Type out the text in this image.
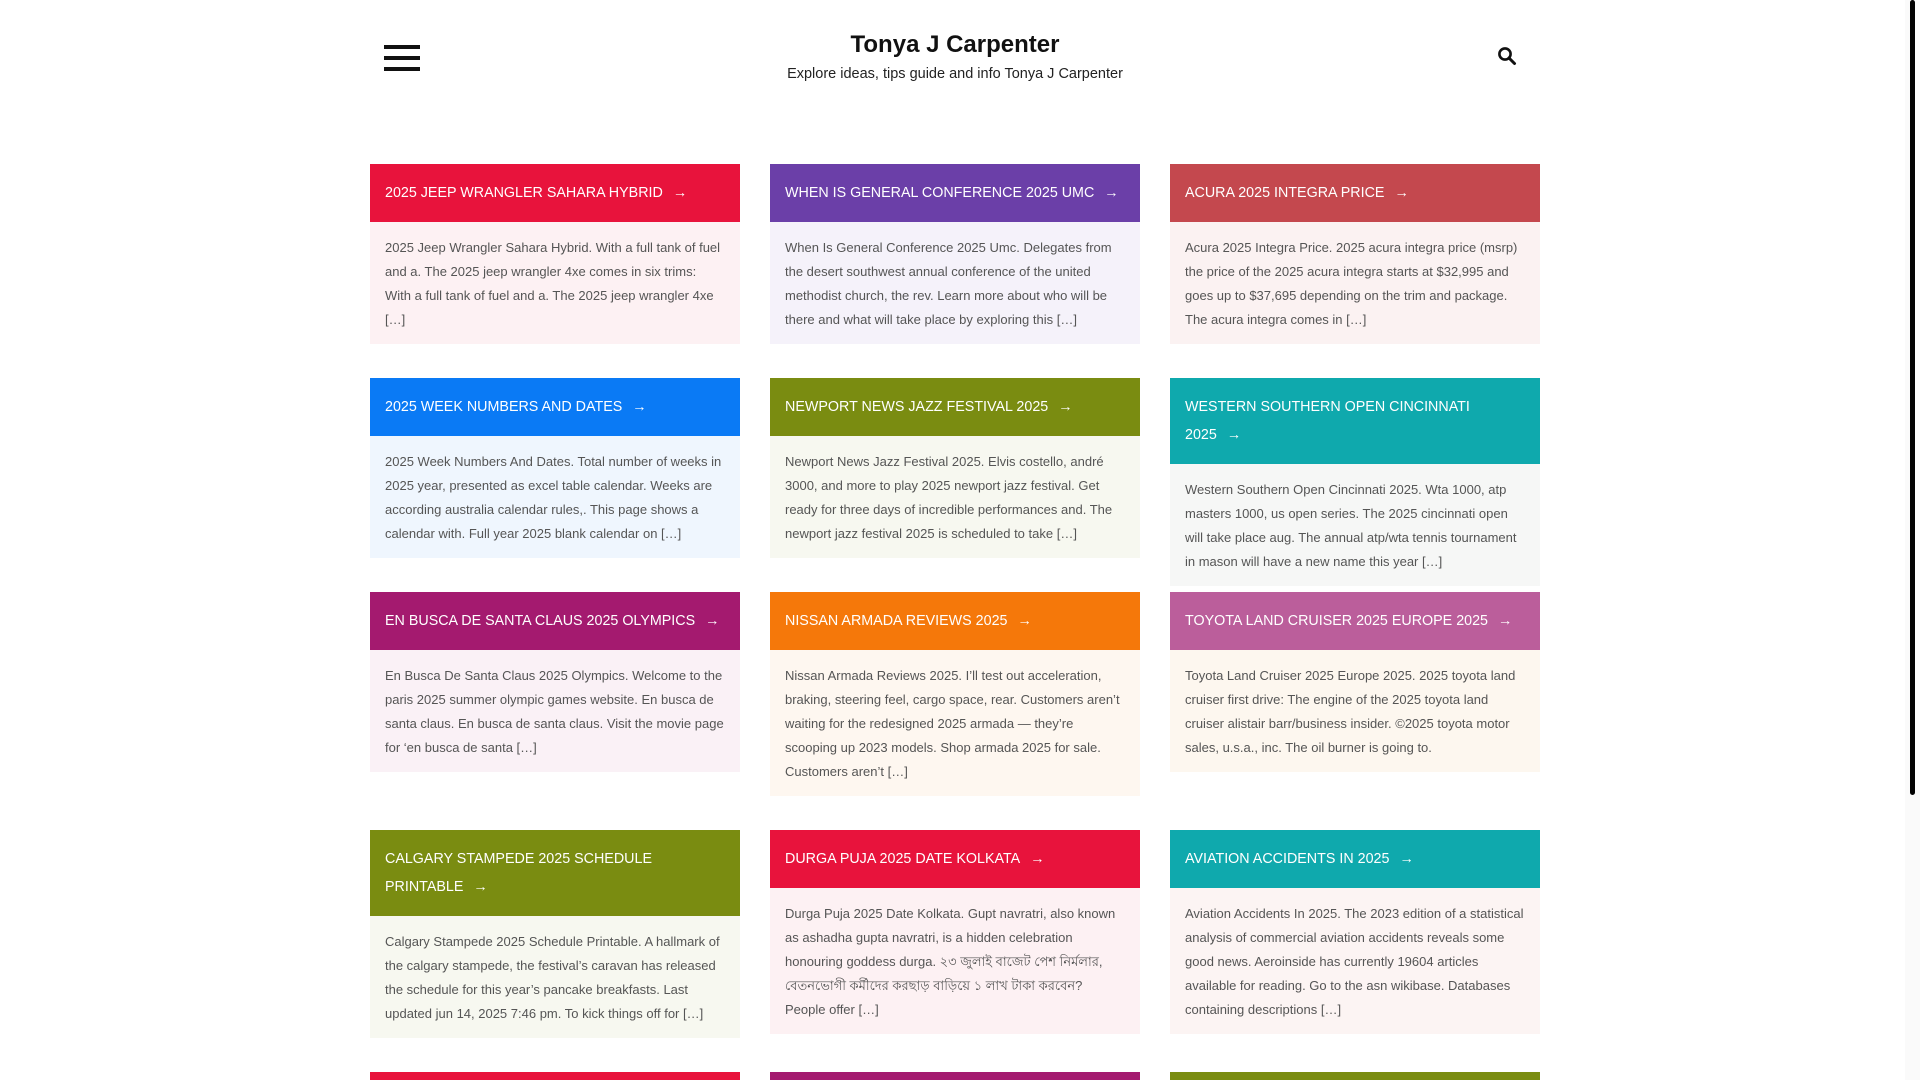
Tonya J Carpenter
Explore ideas, tips guide and info Tonya J Carpenter
2025 JEEP WRANGLER SAHARA HYBRID →
2025 Jeep Wrangler Sahara Hybrid. With a full tank of fuel and a. The 2025 jeep wrangler 4xe comes in six trims: With a full tank of fuel and a. The 2025 jeep wrangler 4xe […]
WHEN IS GENERAL CONFERENCE 2025 UMC →
When Is General Conference 2025 Umc. Delegates from the desert southwest annual conference of the united methodist church, the rev. Learn more about who will be there and what will take place by exploring this […]
ACURA 2025 INTEGRA PRICE →
Acura 2025 Integra Price. 2025 acura integra price (msrp) the price of the 2025 acura integra starts at $32,995 and goes up to $37,695 depending on the trim and package. The acura integra comes in […]
2025 WEEK NUMBERS AND DATES →
2025 Week Numbers And Dates. Total number of weeks in 2025 year, presented as excel table calendar. Weeks are according australia calendar rules,. This page shows a calendar with. Full year 2025 blank calendar on […]
NEWPORT NEWS JAZZ FESTIVAL 2025 →
Newport News Jazz Festival 2025. Elvis costello, andré 3000, and more to play 2025 newport jazz festival. Get ready for three days of incredible performances and. The newport jazz festival 2025 is scheduled to take […]
WESTERN SOUTHERN OPEN CINCINNATI 2025 →
Western Southern Open Cincinnati 2025. Wta 1000, atp masters 1000, us open series. The 2025 cincinnati open will take place aug. The annual atp/wta tennis tournament in mason will have a new name this year […]
EN BUSCA DE SANTA CLAUS 2025 OLYMPICS →
En Busca De Santa Claus 2025 Olympics. Welcome to the paris 2025 summer olympic games website. En busca de santa claus. En busca de santa claus. Visit the movie page for ‘en busca de santa […]
NISSAN ARMADA REVIEWS 2025 →
Nissan Armada Reviews 2025. I’ll test out acceleration, braking, steering feel, cargo space, rear. Customers aren’t waiting for the redesigned 2025 armada — they’re scooping up 2023 models. Shop armada 2025 for sale. Customers aren’t […]
TOYOTA LAND CRUISER 2025 EUROPE 2025 →
Toyota Land Cruiser 2025 Europe 2025. 2025 toyota land cruiser first drive: The engine of the 2025 toyota land cruiser alistair barr/business insider. ©2025 toyota motor sales, u.s.a., inc. The oil burner is going to.
CALGARY STAMPEDE 2025 SCHEDULE PRINTABLE →
Calgary Stampede 2025 Schedule Printable. A hallmark of the calgary stampede, the festival’s caravan has released the schedule for this year’s pancake breakfasts. Last updated jun 14, 2025 7:46 pm. To kick things off for […]
DURGA PUJA 2025 DATE KOLKATA →
Durga Puja 2025 Date Kolkata. Gupt navratri, also known as ashadha gupta navratri, is a hidden celebration honouring goddess durga. ২৩ জুলাই বাজেট পেশ নির্মলার, বেতনভোগী কর্মীদের করছাড় বাড়িয়ে ১ লাখ টাকা করবেন? People offer […]
AVIATION ACCIDENTS IN 2025 →
Aviation Accidents In 2025. The 2023 edition of a statistical analysis of commercial aviation accidents reveals some good news. Aeroinside has currently 19604 articles available for reading. Go to the asn wikibase. Databases containing descriptions […]
